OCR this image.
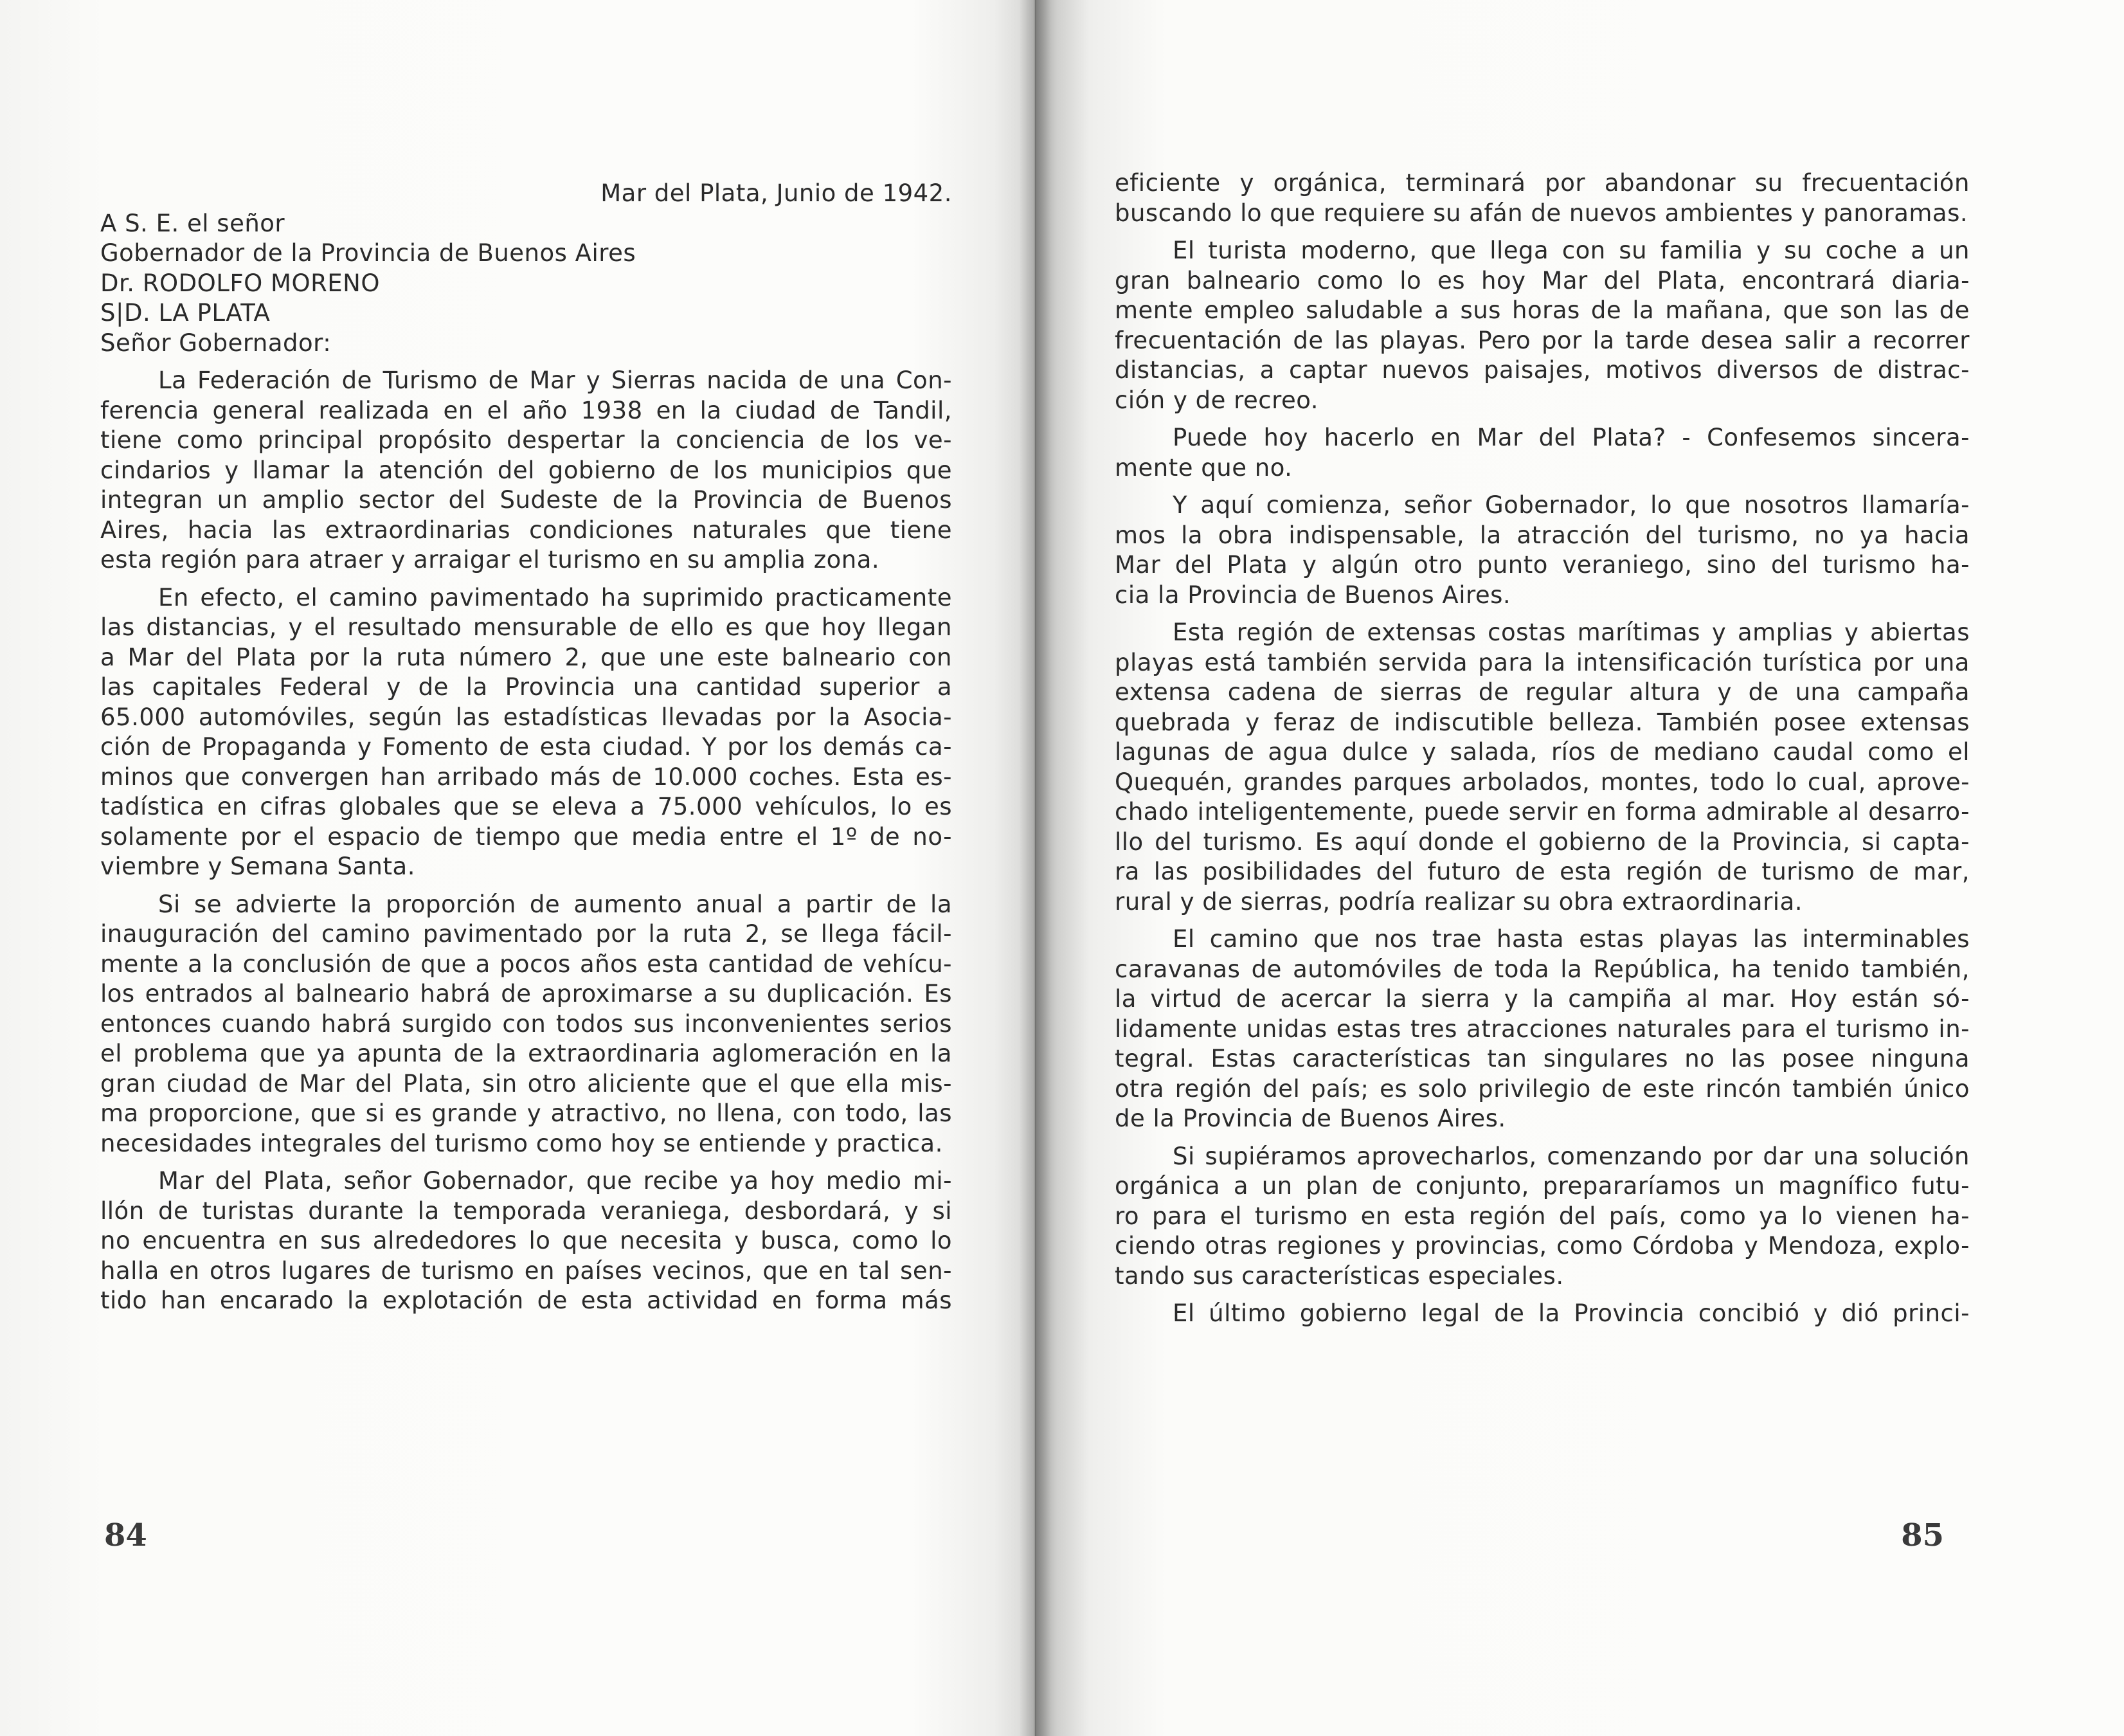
Mar del Plata, Junio de 1942.
A S. E. el señor
Gobernador de la Provincia de Buenos Aires
Dr. RODOLFO MORENO
S|D. LA PLATA
Señor Gobernador:
La Federación de Turismo de Mar y Sierras nacida de una Con-
ferencia general realizada en el año 1938 en la ciudad de Tandil,
tiene como principal propósito despertar la conciencia de los ve-
cindarios y llamar la atención del gobierno de los municipios que
integran un amplio sector del Sudeste de la Provincia de Buenos
Aires, hacia las extraordinarias condiciones naturales que tiene
esta región para atraer y arraigar el turismo en su amplia zona.
En efecto, el camino pavimentado ha suprimido practicamente
las distancias, y el resultado mensurable de ello es que hoy llegan
a Mar del Plata por la ruta número 2, que une este balneario con
las capitales Federal y de la Provincia una cantidad superior a
65.000 automóviles, según las estadísticas llevadas por la Asocia-
ción de Propaganda y Fomento de esta ciudad. Y por los demás ca-
minos que convergen han arribado más de 10.000 coches. Esta es-
tadística en cifras globales que se eleva a 75.000 vehículos, lo es
solamente por el espacio de tiempo que media entre el 1º de no-
viembre y Semana Santa.
Si se advierte la proporción de aumento anual a partir de la
inauguración del camino pavimentado por la ruta 2, se llega fácil-
mente a la conclusión de que a pocos años esta cantidad de vehícu-
los entrados al balneario habrá de aproximarse a su duplicación. Es
entonces cuando habrá surgido con todos sus inconvenientes serios
el problema que ya apunta de la extraordinaria aglomeración en la
gran ciudad de Mar del Plata, sin otro aliciente que el que ella mis-
ma proporcione, que si es grande y atractivo, no llena, con todo, las
necesidades integrales del turismo como hoy se entiende y practica.
Mar del Plata, señor Gobernador, que recibe ya hoy medio mi-
llón de turistas durante la temporada veraniega, desbordará, y si
no encuentra en sus alrededores lo que necesita y busca, como lo
halla en otros lugares de turismo en países vecinos, que en tal sen-
tido han encarado la explotación de esta actividad en forma más
84
eficiente y orgánica, terminará por abandonar su frecuentación
buscando lo que requiere su afán de nuevos ambientes y panoramas.
El turista moderno, que llega con su familia y su coche a un
gran balneario como lo es hoy Mar del Plata, encontrará diaria-
mente empleo saludable a sus horas de la mañana, que son las de
frecuentación de las playas. Pero por la tarde desea salir a recorrer
distancias, a captar nuevos paisajes, motivos diversos de distrac-
ción y de recreo.
Puede hoy hacerlo en Mar del Plata? - Confesemos sincera-
mente que no.
Y aquí comienza, señor Gobernador, lo que nosotros llamaría-
mos la obra indispensable, la atracción del turismo, no ya hacia
Mar del Plata y algún otro punto veraniego, sino del turismo ha-
cia la Provincia de Buenos Aires.
Esta región de extensas costas marítimas y amplias y abiertas
playas está también servida para la intensificación turística por una
extensa cadena de sierras de regular altura y de una campaña
quebrada y feraz de indiscutible belleza. También posee extensas
lagunas de agua dulce y salada, ríos de mediano caudal como el
Quequén, grandes parques arbolados, montes, todo lo cual, aprove-
chado inteligentemente, puede servir en forma admirable al desarro-
llo del turismo. Es aquí donde el gobierno de la Provincia, si capta-
ra las posibilidades del futuro de esta región de turismo de mar,
rural y de sierras, podría realizar su obra extraordinaria.
El camino que nos trae hasta estas playas las interminables
caravanas de automóviles de toda la República, ha tenido también,
la virtud de acercar la sierra y la campiña al mar. Hoy están só-
lidamente unidas estas tres atracciones naturales para el turismo in-
tegral. Estas características tan singulares no las posee ninguna
otra región del país; es solo privilegio de este rincón también único
de la Provincia de Buenos Aires.
Si supiéramos aprovecharlos, comenzando por dar una solución
orgánica a un plan de conjunto, prepararíamos un magnífico futu-
ro para el turismo en esta región del país, como ya lo vienen ha-
ciendo otras regiones y provincias, como Córdoba y Mendoza, explo-
tando sus características especiales.
El último gobierno legal de la Provincia concibió y dió princi-
85
